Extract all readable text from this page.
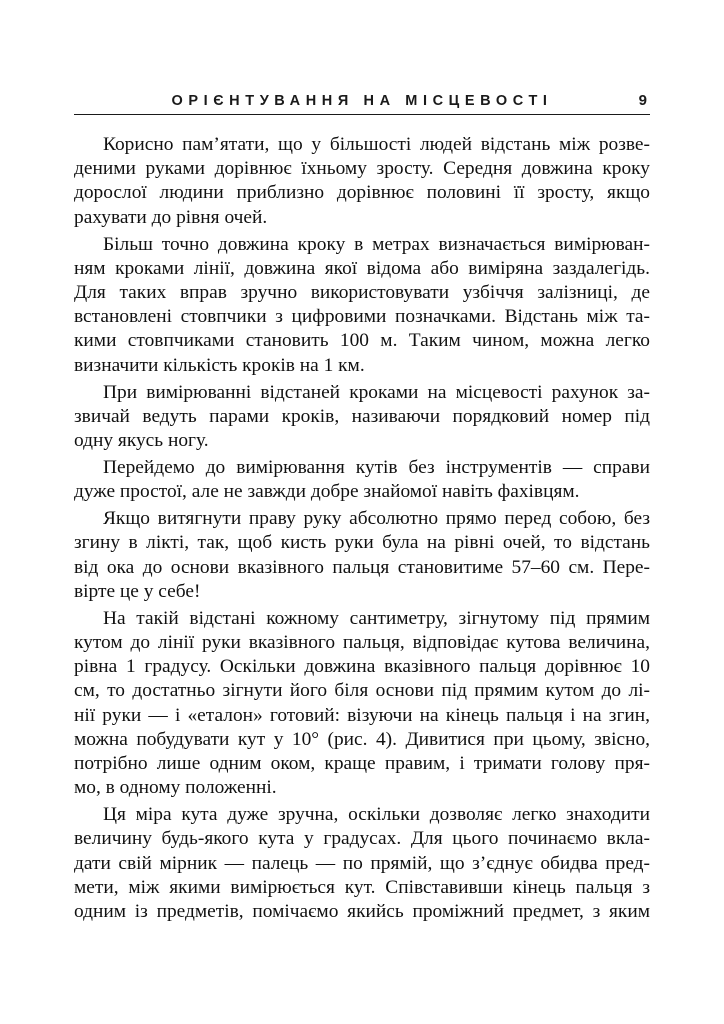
ОРІЄНТУВАННЯ НА МІСЦЕВОСТІ	9
Корисно пам’ятати, що у більшості людей відстань між розве-
деними руками дорівнює їхньому зросту. Середня довжина кроку
дорослої людини приблизно дорівнює половині її зросту, якщо
рахувати до рівня очей.
Більш точно довжина кроку в метрах визначається вимірюван-
ням кроками лінії, довжина якої відома або виміряна заздалегідь.
Для таких вправ зручно використовувати узбіччя залізниці, де
встановлені стовпчики з цифровими позначками. Відстань між та-
кими стовпчиками становить 100 м. Таким чином, можна легко
визначити кількість кроків на 1 км.
При вимірюванні відстаней кроками на місцевості рахунок за-
звичай ведуть парами кроків, називаючи порядковий номер під
одну якусь ногу.
Перейдемо до вимірювання кутів без інструментів — справи
дуже простої, але не завжди добре знайомої навіть фахівцям.
Якщо витягнути праву руку абсолютно прямо перед собою, без
згину в лікті, так, щоб кисть руки була на рівні очей, то відстань
від ока до основи вказівного пальця становитиме 57–60 см. Пере-
вірте це у себе!
На такій відстані кожному сантиметру, зігнутому під прямим
кутом до лінії руки вказівного пальця, відповідає кутова величина,
рівна 1 градусу. Оскільки довжина вказівного пальця дорівнює 10
см, то достатньо зігнути його біля основи під прямим кутом до лі-
нії руки — і «еталон» готовий: візуючи на кінець пальця і на згин,
можна побудувати кут у 10° (рис. 4). Дивитися при цьому, звісно,
потрібно лише одним оком, краще правим, і тримати голову пря-
мо, в одному положенні.
Ця міра кута дуже зручна, оскільки дозволяє легко знаходити
величину будь-якого кута у градусах. Для цього починаємо вкла-
дати свій мірник — палець — по прямій, що з’єднує обидва пред-
мети, між якими вимірюється кут. Співставивши кінець пальця з
одним із предметів, помічаємо якийсь проміжний предмет, з яким
